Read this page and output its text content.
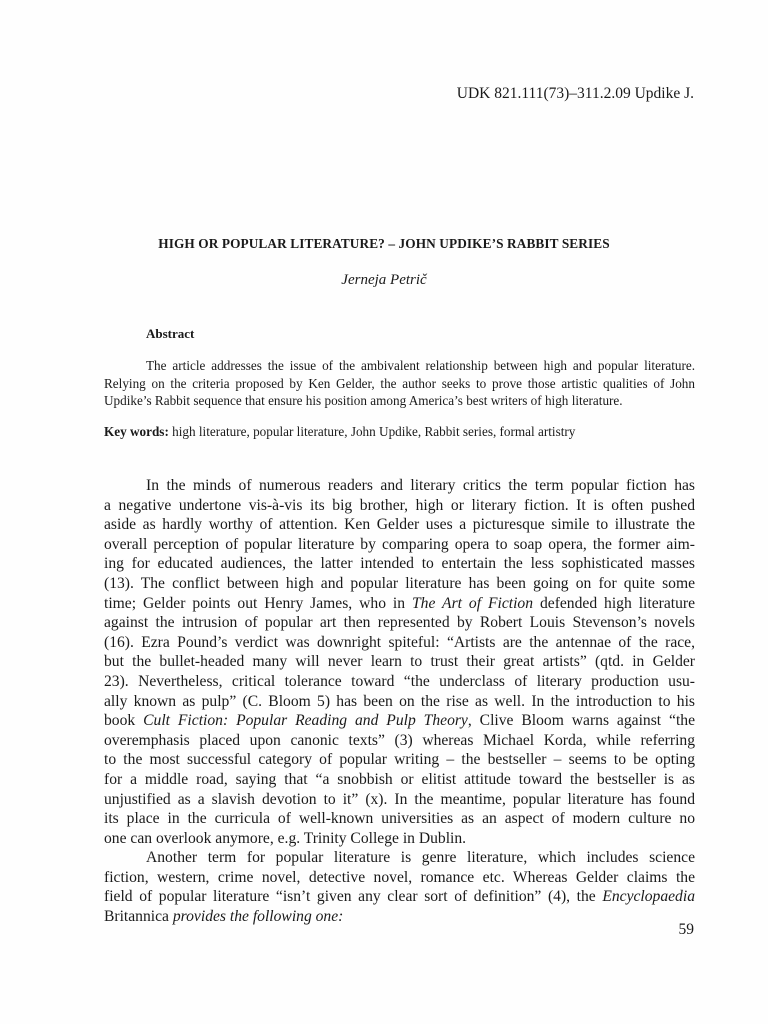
UDK 821.111(73)–311.2.09 Updike J.
HIGH OR POPULAR LITERATURE? – JOHN UPDIKE’S RABBIT SERIES
Jerneja Petrič
Abstract

The article addresses the issue of the ambivalent relationship between high and popular literature. Relying on the criteria proposed by Ken Gelder, the author seeks to prove those artistic qualities of John Updike’s Rabbit sequence that ensure his position among America’s best writers of high literature.

Key words: high literature, popular literature, John Updike, Rabbit series, formal artistry

In the minds of numerous readers and literary critics the term popular fiction has
a negative undertone vis-à-vis its big brother, high or literary fiction. It is often pushed
aside as hardly worthy of attention. Ken Gelder uses a picturesque simile to illustrate the
overall perception of popular literature by comparing opera to soap opera, the former aim-
ing for educated audiences, the latter intended to entertain the less sophisticated masses
(13). The conflict between high and popular literature has been going on for quite some
time; Gelder points out Henry James, who in The Art of Fiction defended high literature
against the intrusion of popular art then represented by Robert Louis Stevenson’s novels
(16). Ezra Pound’s verdict was downright spiteful: “Artists are the antennae of the race,
but the bullet-headed many will never learn to trust their great artists” (qtd. in Gelder
23). Nevertheless, critical tolerance toward “the underclass of literary production usu-
ally known as pulp” (C. Bloom 5) has been on the rise as well. In the introduction to his
book Cult Fiction: Popular Reading and Pulp Theory, Clive Bloom warns against “the
overemphasis placed upon canonic texts” (3) whereas Michael Korda, while referring
to the most successful category of popular writing – the bestseller – seems to be opting
for a middle road, saying that “a snobbish or elitist attitude toward the bestseller is as
unjustified as a slavish devotion to it” (x). In the meantime, popular literature has found
its place in the curricula of well-known universities as an aspect of modern culture no
one can overlook anymore, e.g. Trinity College in Dublin.
Another term for popular literature is genre literature, which includes science
fiction, western, crime novel, detective novel, romance etc. Whereas Gelder claims the
field of popular literature “isn’t given any clear sort of definition” (4), the Encyclopaedia
Britannica provides the following one:
59
